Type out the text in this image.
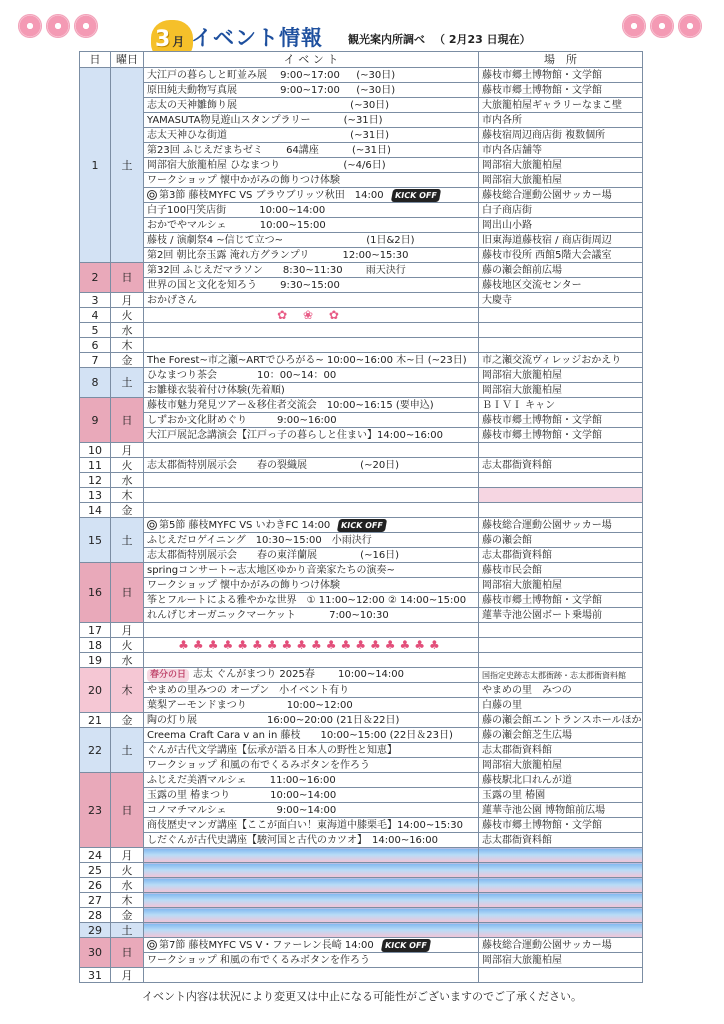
3 月 イベント情報 観光案内所調べ （ 2月23 日現在）
日	曜日	イ ベ ン ト	場　所
1	土	大江戸の暮らしと町並み展　 9:00~17:00 　 (~30日)	藤枝市郷土博物館・文学館
		原田純夫動物写真展　　　　 9:00~17:00 　 (~30日)	藤枝市郷土博物館・文学館
		志太の天神雛飾り展　　　　　　　　　　　 (~30日)	大旅籠柏屋ギャラリーなまこ壁
		YAMASUTA物見遊山スタンプラリー　　　 (~31日)	市内各所
		志太天神ひな街道　　　　　　　　　　　　 (~31日)	藤枝宿周辺商店街 複数個所
		第23回 ふじえだまちゼミ　　 64講座　　　 (~31日)	市内各店舗等
		岡部宿大旅籠柏屋 ひなまつり　　　　　　 (~4/6日)	岡部宿大旅籠柏屋
		ワークショップ 懐中かがみの飾りつけ体験	岡部宿大旅籠柏屋
		第3節 藤枝MYFC VS ブラウブリッツ秋田　14:00 KICK OFF	藤枝総合運動公園サッカー場
		白子100円笑店街　　　 10:00~14:00	白子商店街
		おかでやマルシェ　　　 10:00~15:00	岡出山小路
		藤枝 / 演劇祭4 ~信じて立つ~　　　　　　　　 (1日&2日)	旧東海道藤枝宿 / 商店街周辺
		第2回 朝比奈玉露 淹れ方グランプリ　　　 12:00~15:30	藤枝市役所 西館5階大会議室
2	日	第32回 ふじえだマラソン　　8:30~11:30　　 雨天決行	藤の瀬会館前広場
		世界の国と文化を知ろう　　 9:30~15:00	藤枝地区交流センター
3	月	おかげさん	大慶寺
4	火	✿ ❀ ✿	
5	水		
6	木		
7	金	The Forest~市之瀬~ARTでひろがる~ 10:00~16:00 木~日 (~23日)	市之瀬交流ヴィレッジおかえり
8	土	ひなまつり茶会　　　　10：00~14：00	岡部宿大旅籠柏屋
		お雛様衣装着付け体験(先着順)	岡部宿大旅籠柏屋
9	日	藤枝市魅力発見ツアー＆移住者交流会　10:00~16:15 (要申込)	ＢＩＶＩ キャン
		しずおか文化財めぐり　　　9:00~16:00	藤枝市郷土博物館・文学館
		大江戸展記念講演会【江戸っ子の暮らしと住まい】14:00~16:00	藤枝市郷土博物館・文学館
10	月		
11	火	志太郡衙特別展示会　　春の裂織展　　　　　 (~20日)	志太郡衙資料館
12	水		
13	木		
14	金		
15	土	第5節 藤枝MYFC VS いわきFC 14:00 KICK OFF	藤枝総合運動公園サッカー場
		ふじえだロゲイニング　10:30~15:00　小雨決行	藤の瀬会館
		志太郡衙特別展示会　　春の東洋蘭展　　　　 (~16日)	志太郡衙資料館
16	日	springコンサート~志太地区ゆかり音楽家たちの演奏~	藤枝市民会館
		ワークショップ 懐中かがみの飾りつけ体験	岡部宿大旅籠柏屋
		筝とフルートによる雅やかな世界　① 11:00~12:00 ② 14:00~15:00	藤枝市郷土博物館・文学館
		れんげじオーガニックマーケット　　　 7:00~10:30	蓮華寺池公園ボート乗場前
17	月		
18	火	♣♣♣♣♣♣♣♣♣♣♣♣♣♣♣♣♣♣	
19	水		
20	木	春分の日 志太 ぐんがまつり 2025春　　 10:00~14:00	国指定史跡志太郡衙跡・志太郡衙資料館
		やまめの里みつの オープン　小イベント有り	やまめの里　みつの
		葉梨アーモンドまつり　　　　10:00~12:00	白藤の里
21	金	陶の灯り展　　　　　　　16:00~20:00 (21日＆22日)	藤の瀬会館エントランスホールほか
22	土	Creema Craft Cara v an in 藤枝　　10:00~15:00 (22日＆23日)	藤の瀬会館芝生広場
		ぐんが古代文学講座【伝承が語る日本人の野性と知恵】	志太郡衙資料館
		ワークショップ 和風の布でくるみボタンを作ろう	岡部宿大旅籠柏屋
23	日	ふじえだ美酒マルシェ　　 11:00~16:00	藤枝駅北口れんが道
		玉露の里 椿まつり　　　　10:00~14:00	玉露の里 椿園
		コノマチマルシェ　　　　　9:00~14:00	蓮華寺池公園 博物館前広場
		商伎歴史マンガ講座【ここが面白い！東海道中膝栗毛】14:00~15:30	藤枝市郷土博物館・文学館
		しだぐんが古代史講座【駿河国と古代のカツオ】　14:00~16:00	志太郡衙資料館
24	月		
25	火		
26	水		
27	木		
28	金		
29	土		
30	日	第7節 藤枝MYFC VS V・ファーレン長崎 14:00 KICK OFF	藤枝総合運動公園サッカー場
		ワークショップ 和風の布でくるみボタンを作ろう	岡部宿大旅籠柏屋
31	月		
イベント内容は状況により変更又は中止になる可能性がございますのでご了承ください。
